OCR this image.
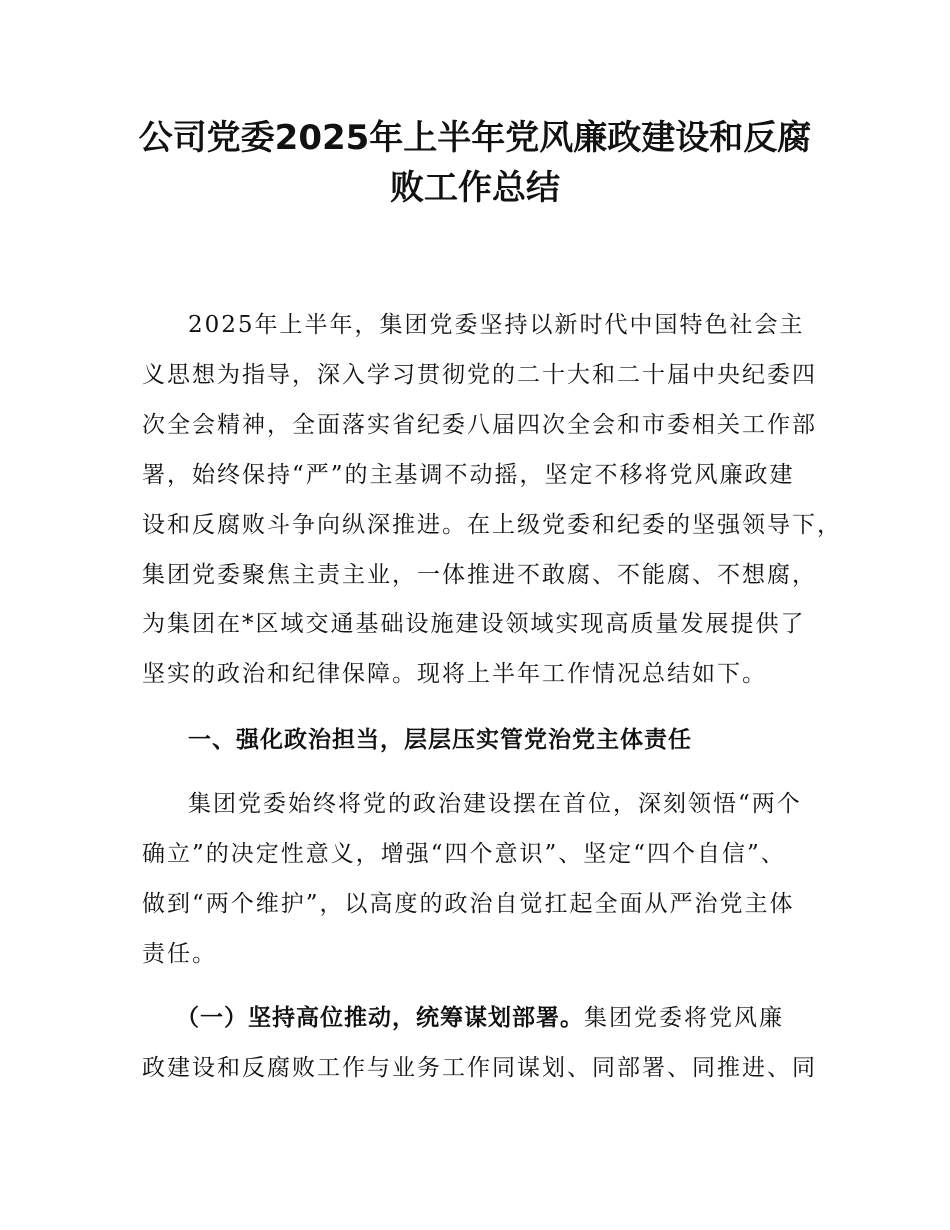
公司党委2025年上半年党风廉政建设和反腐
败工作总结
2025年上半年，集团党委坚持以新时代中国特色社会主
义思想为指导，深入学习贯彻党的二十大和二十届中央纪委四
次全会精神，全面落实省纪委八届四次全会和市委相关工作部
署，始终保持“严”的主基调不动摇，坚定不移将党风廉政建
设和反腐败斗争向纵深推进。在上级党委和纪委的坚强领导下，
集团党委聚焦主责主业，一体推进不敢腐、不能腐、不想腐，
为集团在*区域交通基础设施建设领域实现高质量发展提供了
坚实的政治和纪律保障。现将上半年工作情况总结如下。
一、强化政治担当，层层压实管党治党主体责任
集团党委始终将党的政治建设摆在首位，深刻领悟“两个
确立”的决定性意义，增强“四个意识”、坚定“四个自信”、
做到“两个维护”，以高度的政治自觉扛起全面从严治党主体
责任。
（一）坚持高位推动，统筹谋划部署。集团党委将党风廉
政建设和反腐败工作与业务工作同谋划、同部署、同推进、同
